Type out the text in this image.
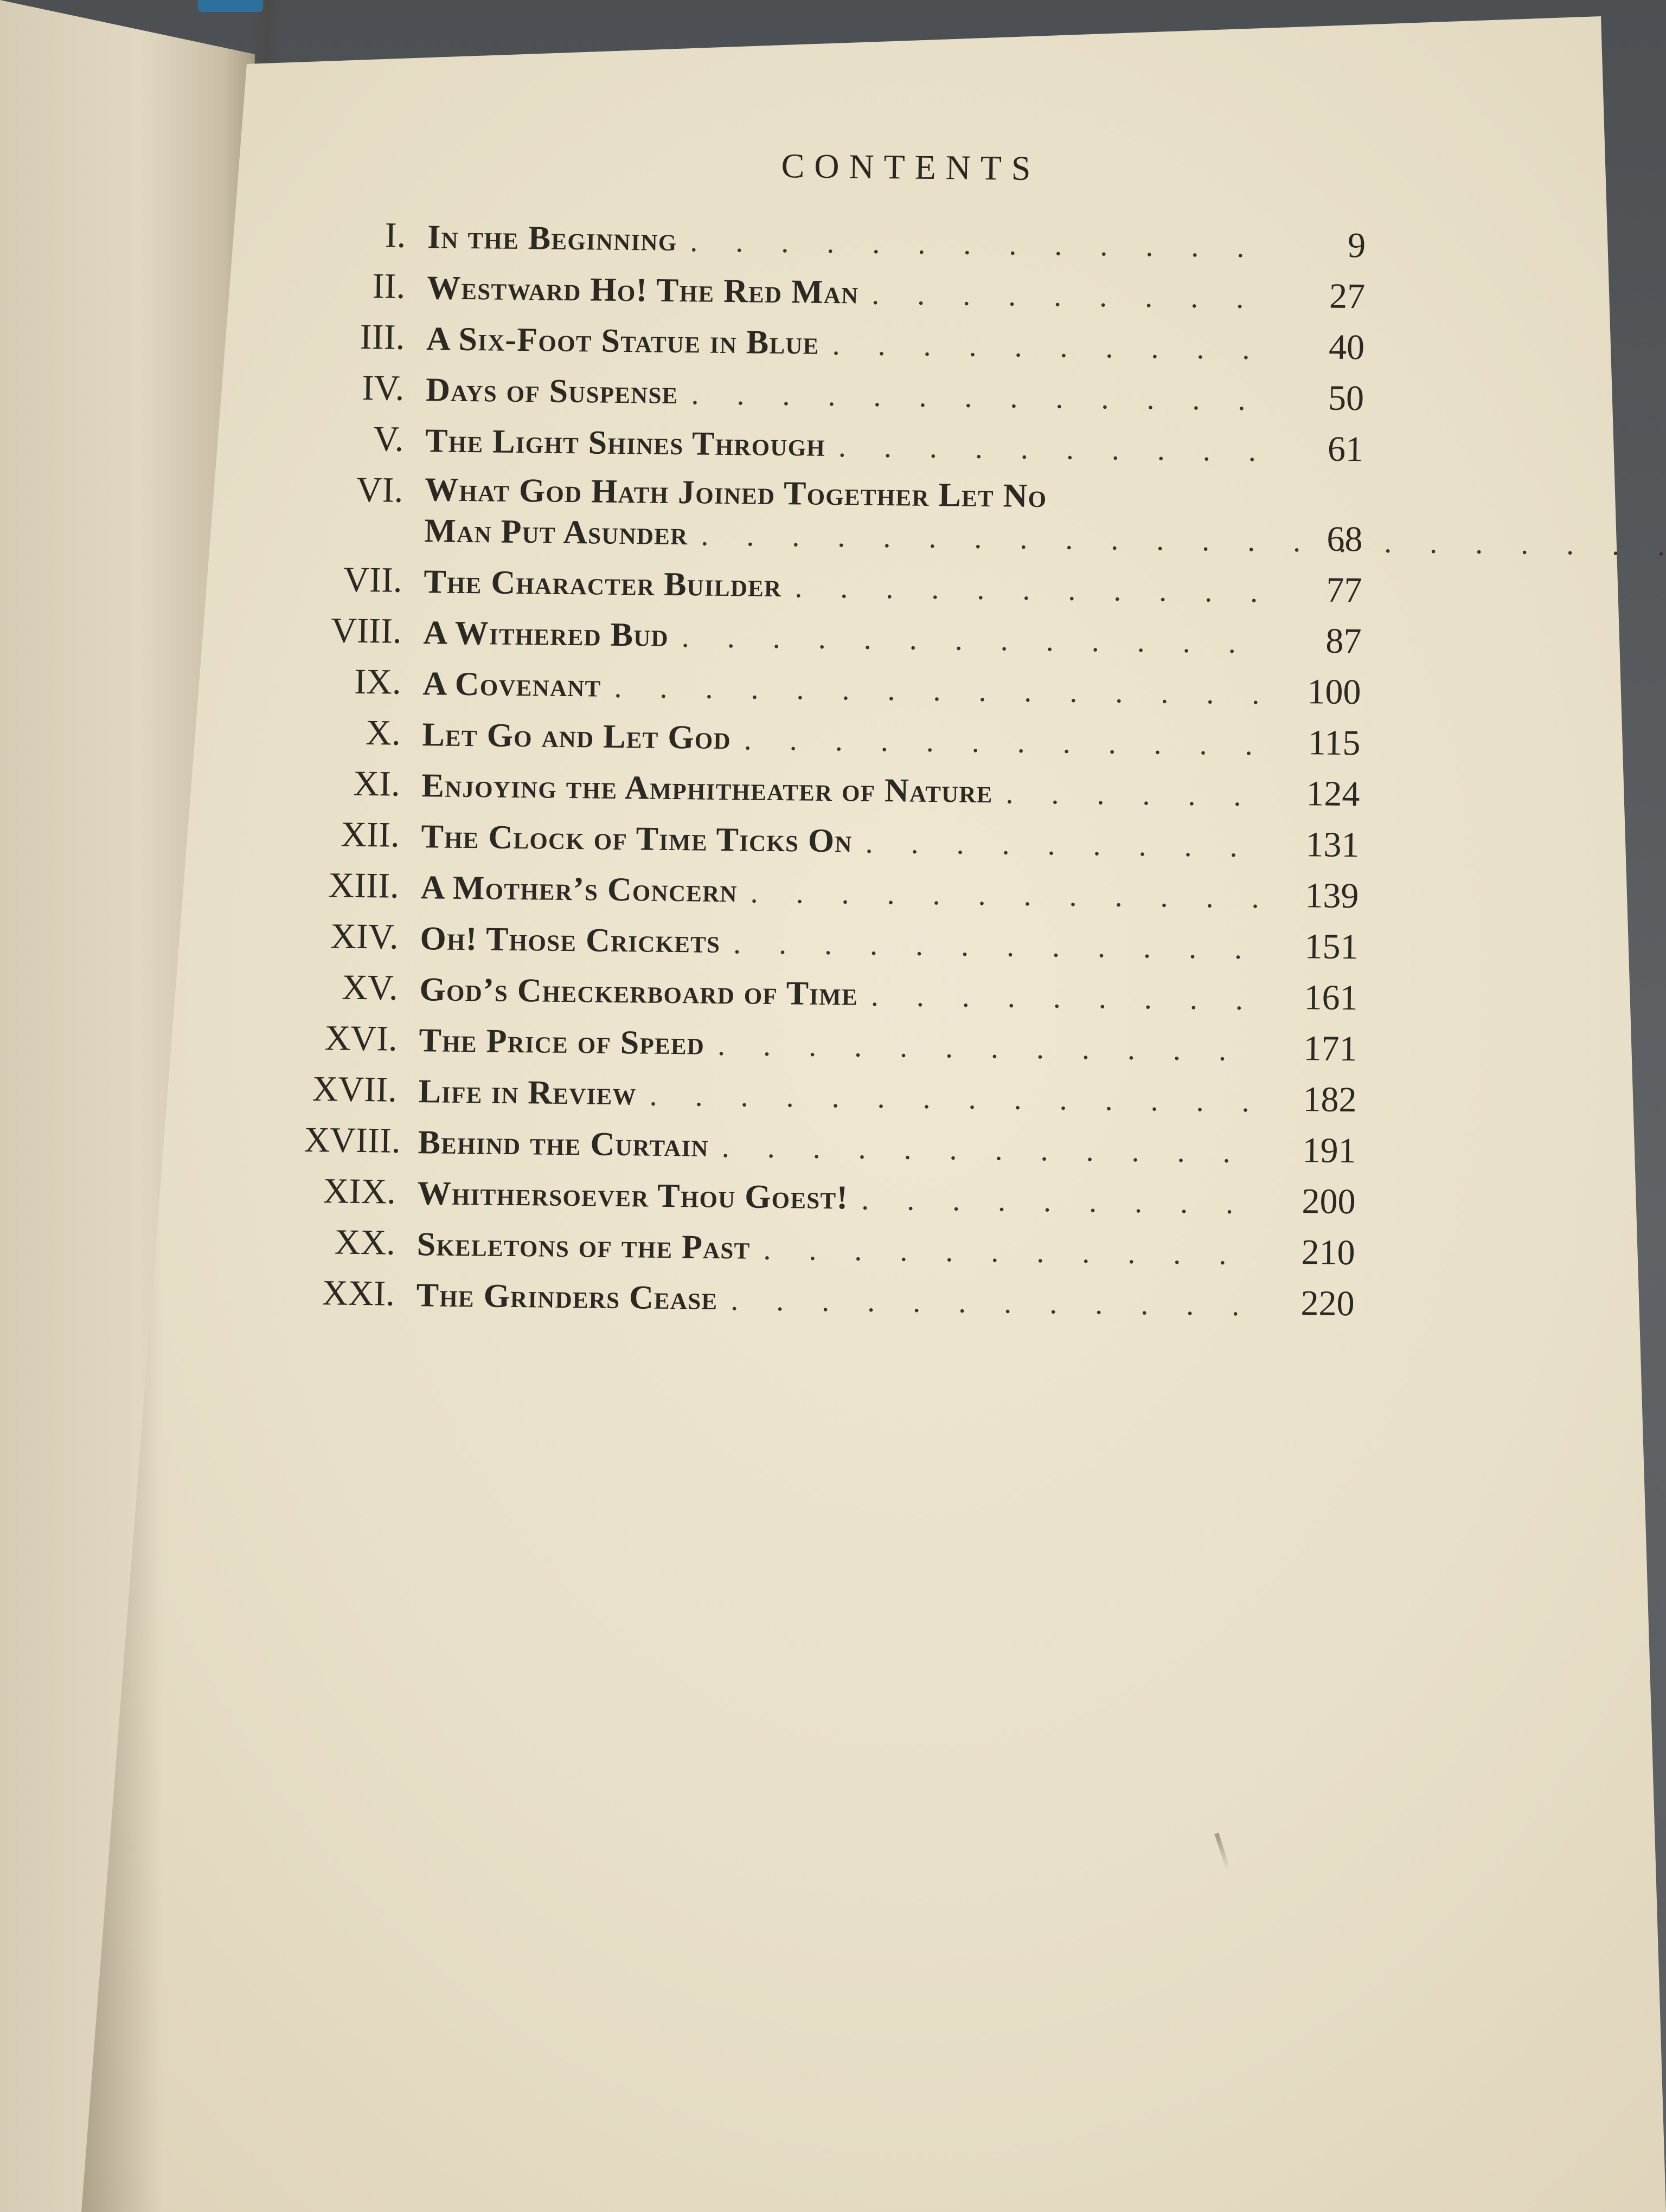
CONTENTS
I. In the Beginning . . .	9
II. Westward Ho! The Red Man . . .	27
III. A Six-Foot Statue in Blue . . .	40
IV. Days of Suspense . . .	50
V. The Light Shines Through . . .	61
VI. What God Hath Joined Together Let No
Man Put Asunder . . .	68
VII. The Character Builder . . .	77
VIII. A Withered Bud . . .	87
IX. A Covenant . . .	100
X. Let Go and Let God . . .	115
XI. Enjoying the Amphitheater of Nature . . .	124
XII. The Clock of Time Ticks On . . .	131
XIII. A Mother’s Concern . . .	139
XIV. Oh! Those Crickets . . .	151
XV. God’s Checkerboard of Time . . .	161
XVI. The Price of Speed . . .	171
XVII. Life in Review . . .	182
XVIII. Behind the Curtain . . .	191
XIX. Whithersoever Thou Goest! . . .	200
XX. Skeletons of the Past . . .	210
XXI. The Grinders Cease . . .	220
